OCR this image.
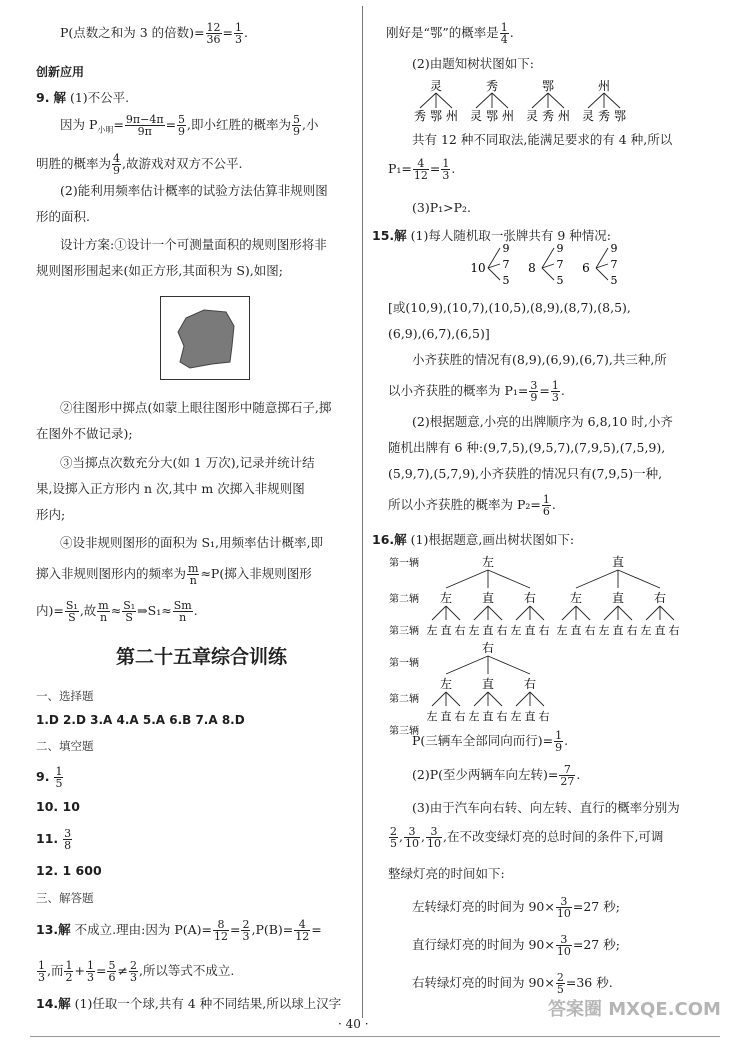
P(点数之和为 3 的倍数)= $\frac{12}{36} = \frac{1}{3}$ .
创新应用
9. 解 (1)不公平.
因为 $P_{小明}= \frac{9\pi-4\pi}{9\pi} = \frac{5}{9}$ ,即小红胜的概率为 $\frac{5}{9}$ ,小
明胜的概率为 $\frac{4}{9}$ ,故游戏对双方不公平.
(2)能利用频率估计概率的试验方法估算非规则图
形的面积.
设计方案:①设计一个可测量面积的规则图形将非
规则图形围起来(如正方形,其面积为 S),如图;
②往图形中掷点(如蒙上眼往图形中随意掷石子,掷
在图外不做记录);
③当掷点次数充分大(如 1 万次),记录并统计结
果,设掷入正方形内 n 次,其中 m 次掷入非规则图
形内;
④设非规则图形的面积为 S₁,用频率估计概率,即
掷入非规则图形内的频率为 $\frac{m}{n} \approx P$(掷入非规则图形
内)= $\frac{\text{S₁}}{S}$ ,故 $\frac{m}{n} \approx \frac{\text{S₁}}{S}$ ⇒S₁≈ $\frac{Sm}{n}$ .
第二十五章综合训练
一、选择题
1.D 2.D 3.A 4.A 5.A 6.B 7.A 8.D
二、填空题
9. $\frac{1}{5}$
10. 10
11. $\frac{3}{8}$
12. 1 600
三、解答题
13.解 不成立.理由:因为 $P(A)= \frac{8}{12} = \frac{2}{3} ,P(B)= \frac{4}{12}$ =
$\frac{1}{3}$ ,而 $\frac{1}{2} + \frac{1}{3} = \frac{5}{6} \ne \frac{2}{3}$ ,所以等式不成立.
14.解 (1)任取一个球,共有 4 种不同结果,所以球上汉字
刚好是“鄂”的概率是 $\frac{1}{4}$ .
(2)由题知树状图如下:
灵
秀 鄂 州
秀
灵 鄂 州
鄂
灵 秀 州
州
灵 秀 鄂
共有 12 种不同取法,能满足要求的有 4 种,所以
$P_1= \frac{4}{12} = \frac{1}{3}$ .
(3)P₁>P₂.
15.解 (1)每人随机取一张牌共有 9 种情况:
10
9
7
5
8
9
7
5
6
9
7
5
[或(10,9),(10,7),(10,5),(8,9),(8,7),(8,5),
(6,9),(6,7),(6,5)]
小齐获胜的情况有(8,9),(6,9),(6,7),共三种,所
以小齐获胜的概率为 $P_1= \frac{3}{9} = \frac{1}{3}$ .
(2)根据题意,小亮的出牌顺序为 6,8,10 时,小齐
随机出牌有 6 种:(9,7,5),(9,5,7),(7,9,5),(7,5,9),
(5,9,7),(5,7,9),小齐获胜的情况只有(7,9,5)一种,
所以小齐获胜的概率为 $P_2= \frac{1}{6}$ .
16.解 (1)根据题意,画出树状图如下:
第一辆
第二辆
第三辆
左
左
左 直 右
直
左 直 右
右
左 直 右
直
左
左 直 右
直
左 直 右
右
左 直 右
第一辆
第二辆
第三辆
右
左
左 直 右
直
左 直 右
右
左 直 右
P(三辆车全部同向而行)= $\frac{1}{9}$ .
(2)P(至少两辆车向左转)= $\frac{7}{27}$ .
(3)由于汽车向右转、向左转、直行的概率分别为
$\frac{2}{5}$ , $\frac{3}{10}$ , $\frac{3}{10}$ ,在不改变绿灯亮的总时间的条件下,可调
整绿灯亮的时间如下:
左转绿灯亮的时间为 $90\times \frac{3}{10} =27$ 秒;
直行绿灯亮的时间为 $90\times \frac{3}{10} =27$ 秒;
右转绿灯亮的时间为 $90\times \frac{2}{5} =36$ 秒.
· 40 ·
答案圈 MXQE.COM
